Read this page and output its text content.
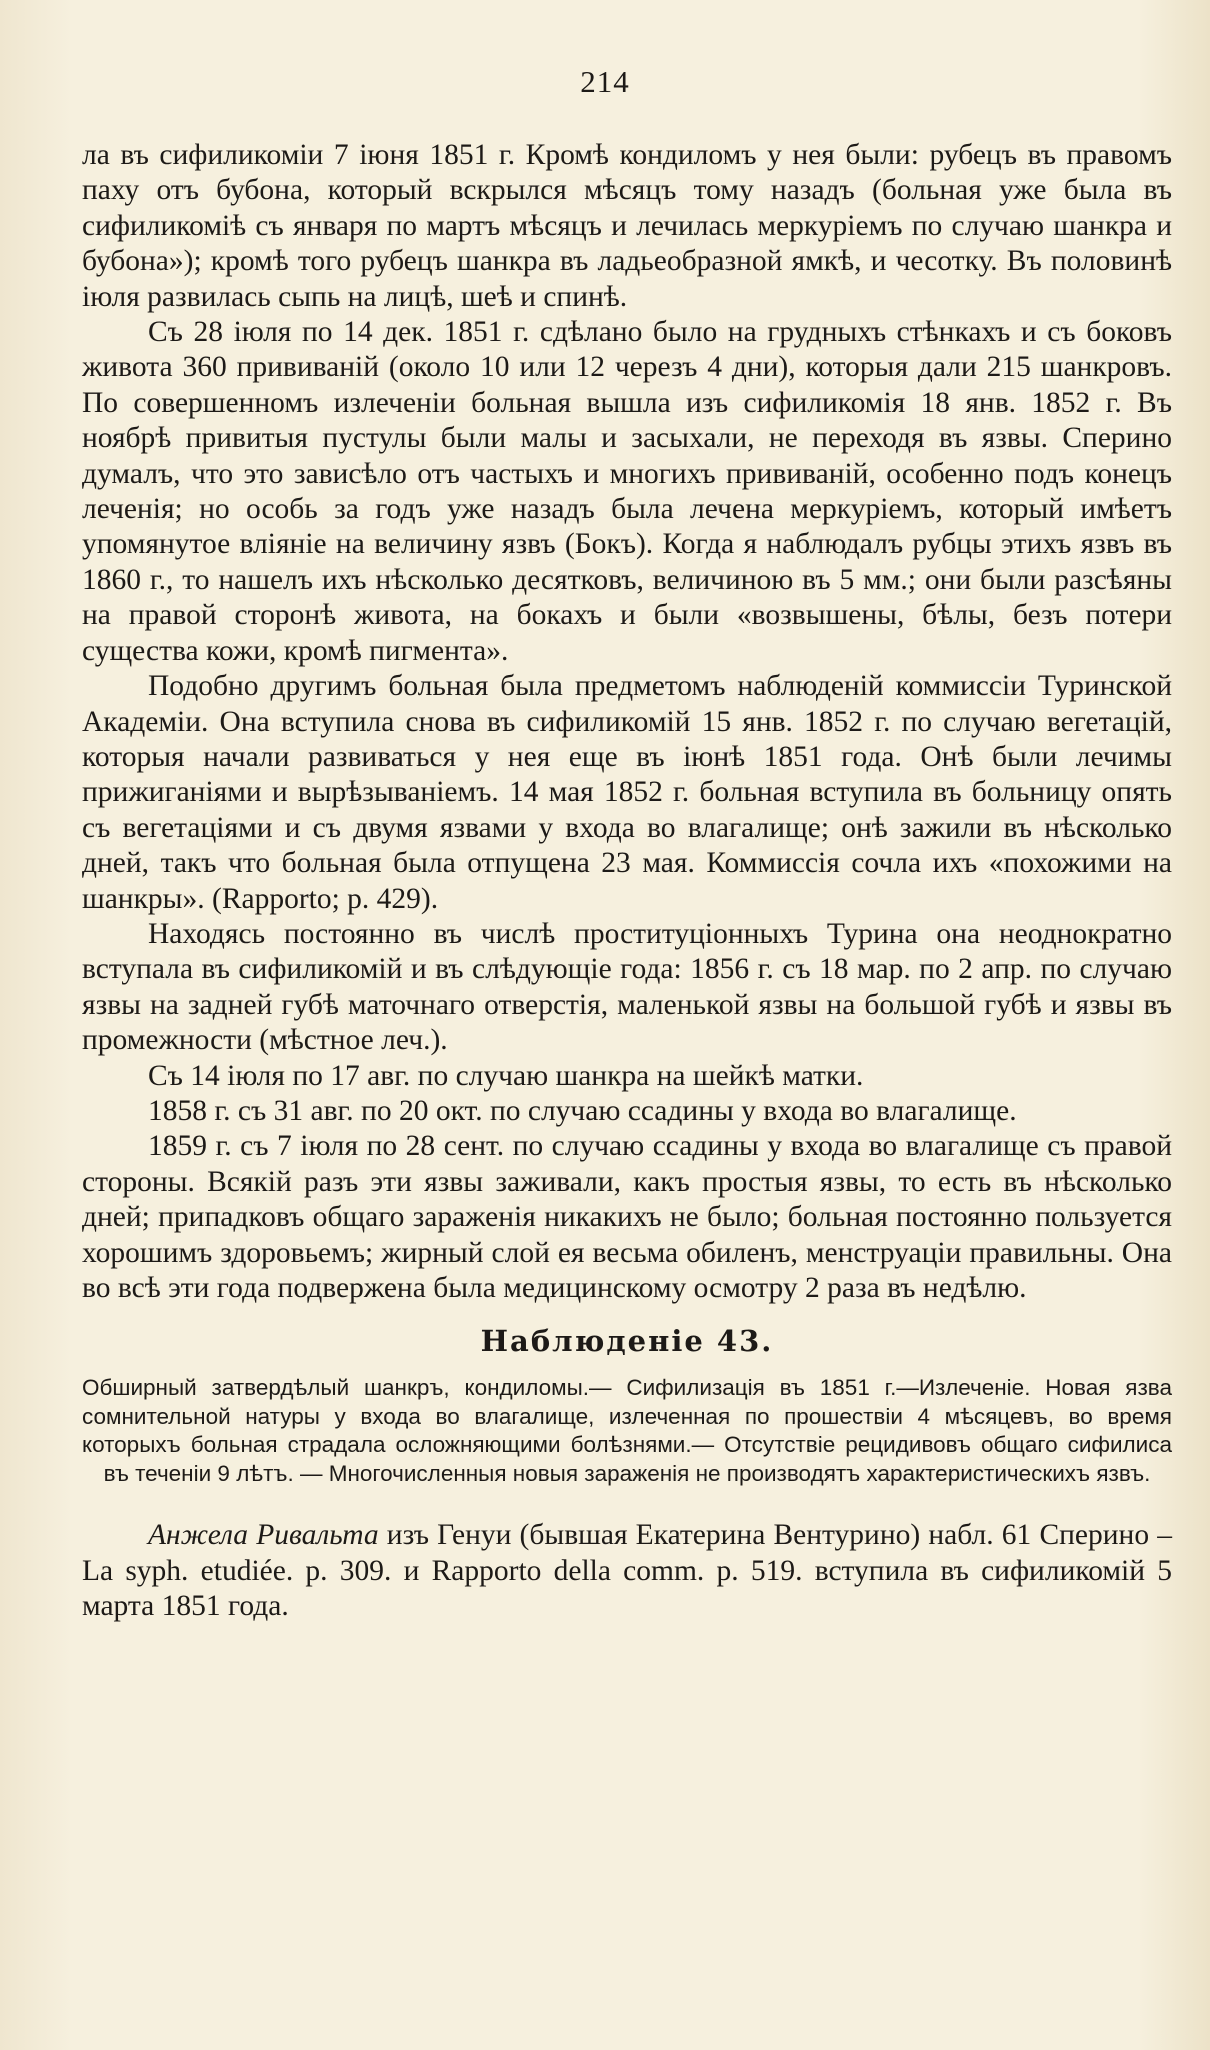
214

ла въ сифиликомiи 7 iюня 1851 г. Кромѣ кондиломъ у нея были: рубецъ въ правомъ паху отъ бубона, который вскрылся мѣсяцъ тому назадъ (больная уже была въ сифиликомiѣ съ января по мартъ мѣсяцъ и лечилась меркурiемъ по случаю шанкра и бубона»); кромѣ того рубецъ шанкра въ ладьеобразной ямкѣ, и чесотку. Въ половинѣ iюля развилась сыпь на лицѣ, шеѣ и спинѣ.

Съ 28 iюля по 14 дек. 1851 г. сдѣлано было на грудныхъ стѣнкахъ и съ боковъ живота 360 прививанiй (около 10 или 12 черезъ 4 дни), которыя дали 215 шанкровъ. По совершенномъ излеченiи больная вышла изъ сифиликомiя 18 янв. 1852 г. Въ ноябрѣ привитыя пустулы были малы и засыхали, не переходя въ язвы. Сперино думалъ, что это зависѣло отъ частыхъ и многихъ прививанiй, особенно подъ конецъ леченiя; но особь за годъ уже назадъ была лечена меркурiемъ, который имѣетъ упомянутое влiянiе на величину язвъ (Бокъ). Когда я наблюдалъ рубцы этихъ язвъ въ 1860 г., то нашелъ ихъ нѣсколько десятковъ, величиною въ 5 мм.; они были разсѣяны на правой сторонѣ живота, на бокахъ и были «возвышены, бѣлы, безъ потери существа кожи, кромѣ пигмента».

Подобно другимъ больная была предметомъ наблюденiй коммиссiи Туринской Академiи. Она вступила снова въ сифиликомiй 15 янв. 1852 г. по случаю вегетацiй, которыя начали развиваться у нея еще въ iюнѣ 1851 года. Онѣ были лечимы прижиганiями и вырѣзыванiемъ. 14 мая 1852 г. больная вступила въ больницу опять съ вегетацiями и съ двумя язвами у входа во влагалище; онѣ зажили въ нѣсколько дней, такъ что больная была отпущена 23 мая. Коммиссiя сочла ихъ «похожими на шанкры». (Rapporto; p. 429).

Находясь постоянно въ числѣ проституцiонныхъ Турина она неоднократно вступала въ сифиликомiй и въ слѣдующiе года: 1856 г. съ 18 мар. по 2 апр. по случаю язвы на задней губѣ маточнаго отверстiя, маленькой язвы на большой губѣ и язвы въ промежности (мѣстное леч.).

Съ 14 iюля по 17 авг. по случаю шанкра на шейкѣ матки.

1858 г. съ 31 авг. по 20 окт. по случаю ссадины у входа во влагалище.

1859 г. съ 7 iюля по 28 сент. по случаю ссадины у входа во влагалище съ правой стороны. Всякiй разъ эти язвы заживали, какъ простыя язвы, то есть въ нѣсколько дней; припадковъ общаго зараженiя никакихъ не было; больная постоянно пользуется хорошимъ здоровьемъ; жирный слой ея весьма обиленъ, менструацiи правильны. Она во всѣ эти года подвержена была медицинскому осмотру 2 раза въ недѣлю.

Наблюденiе 43.

Обширный затвердѣлый шанкръ, кондиломы.— Сифилизацiя въ 1851 г.—Излеченiе. Новая язва сомнительной натуры у входа во влагалище, излеченная по прошествiи 4 мѣсяцевъ, во время которыхъ больная страдала осложняющими болѣзнями.— Отсутствiе рецидивовъ общаго сифилиса въ теченiи 9 лѣтъ. — Многочисленныя новыя зараженiя не производятъ характеристическихъ язвъ.

Анжела Ривальта изъ Генуи (бывшая Екатерина Вентурино) набл. 61 Сперино –La syph. etudiée. p. 309. и Rapporto della comm. p. 519. вступила въ сифиликомiй 5 марта 1851 года.
